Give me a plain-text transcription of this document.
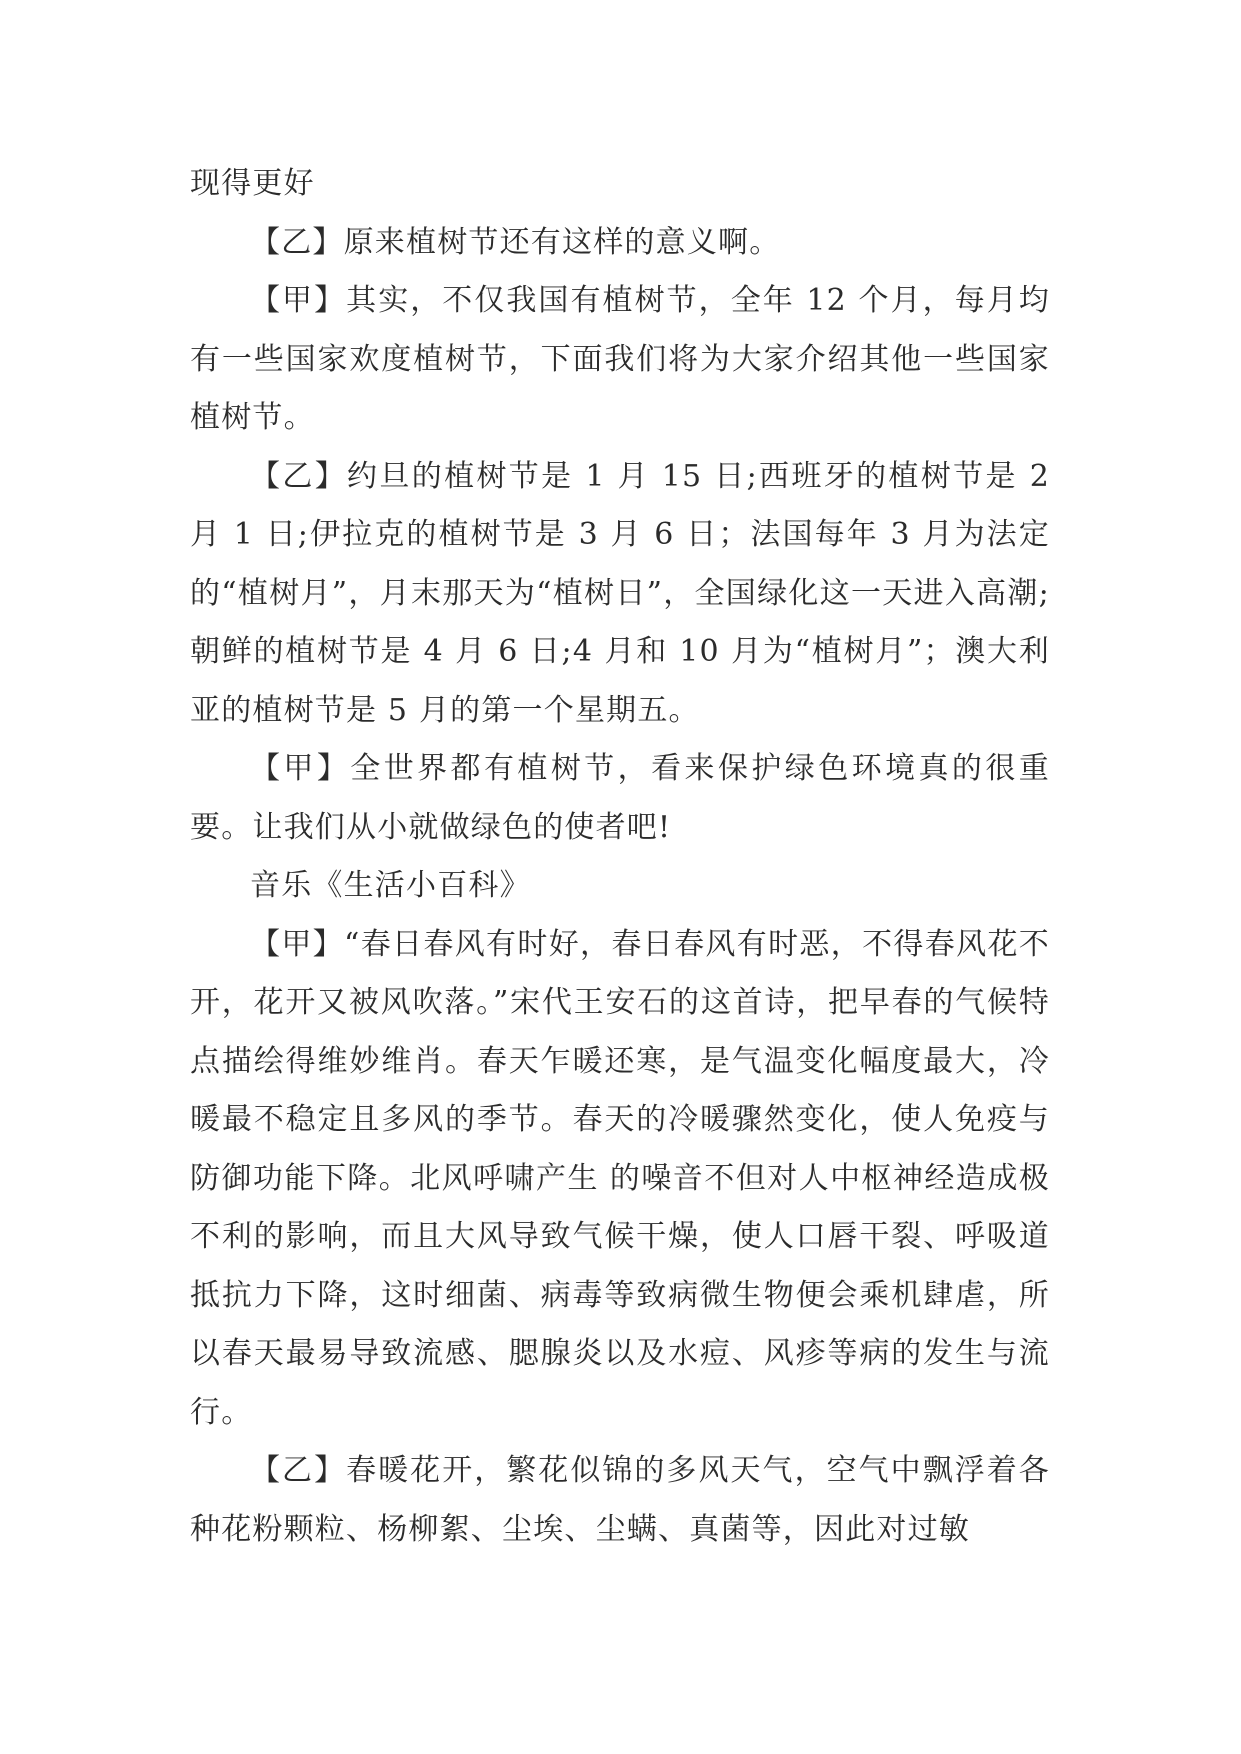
现得更好

【乙】原来植树节还有这样的意义啊。

【甲】其实，不仅我国有植树节，全年 12 个月，每月均有一些国家欢度植树节，下面我们将为大家介绍其他一些国家植树节。

【乙】约旦的植树节是 1 月 15 日;西班牙的植树节是 2 月 1 日;伊拉克的植树节是 3 月 6 日；法国每年 3 月为法定的“植树月”，月末那天为“植树日”，全国绿化这一天进入高潮;朝鲜的植树节是 4 月 6 日;4 月和 10 月为“植树月”；澳大利亚的植树节是 5 月的第一个星期五。

【甲】全世界都有植树节，看来保护绿色环境真的很重要。让我们从小就做绿色的使者吧!

音乐《生活小百科》

【甲】“春日春风有时好，春日春风有时恶，不得春风花不开，花开又被风吹落。”宋代王安石的这首诗，把早春的气候特点描绘得维妙维肖。春天乍暖还寒，是气温变化幅度最大，冷 暖最不稳定且多风的季节。春天的冷暖骤然变化，使人免疫与防御功能下降。北风呼啸产生 的噪音不但对人中枢神经造成极不利的影响，而且大风导致气候干燥，使人口唇干裂、呼吸道抵抗力下降，这时细菌、病毒等致病微生物便会乘机肆虐，所以春天最易导致流感、腮腺炎以及水痘、风疹等病的发生与流行。

【乙】春暖花开，繁花似锦的多风天气，空气中飘浮着各种花粉颗粒、杨柳絮、尘埃、尘螨、真菌等，因此对过敏
